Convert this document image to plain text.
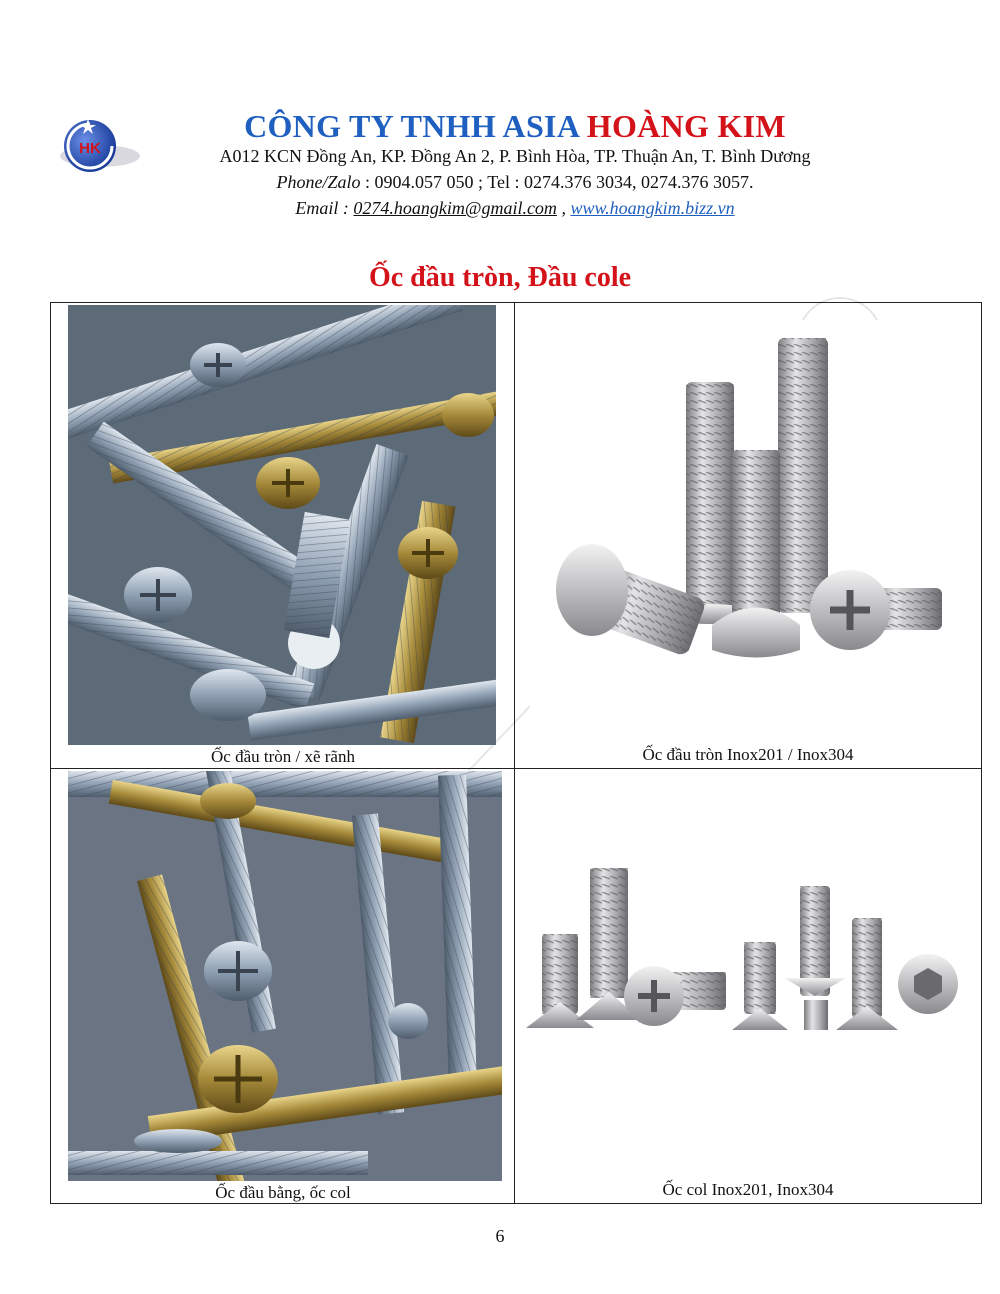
HK
CÔNG TY TNHH ASIA HOÀNG KIM
A012 KCN Đồng An, KP. Đồng An 2, P. Bình Hòa, TP. Thuận An, T. Bình Dương
Phone/Zalo : 0904.057 050 ; Tel : 0274.376 3034, 0274.376 3057.
Email : 0274.hoangkim@gmail.com , www.hoangkim.bizz.vn
Ốc đầu tròn, Đầu cole
Ốc đầu tròn / xẽ rãnh	Ốc đầu tròn Inox201 / Inox304
Ốc đầu bằng, ốc col	Ốc col Inox201, Inox304
6
